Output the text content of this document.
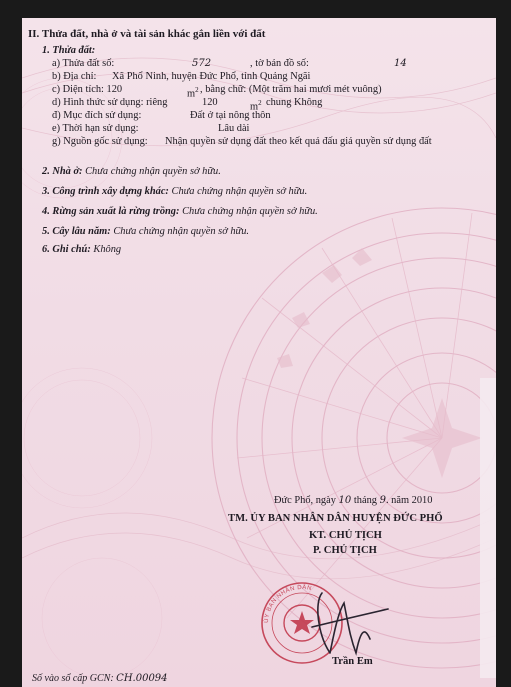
II. Thửa đất, nhà ở và tài sản khác gắn liền với đất
1. Thửa đất:
a) Thửa đất số:	572	, tờ bản đồ số:	14
b) Địa chỉ: Xã Phổ Ninh, huyện Đức Phổ, tỉnh Quảng Ngãi
c) Diện tích: 120	$m^2$ , bằng chữ: (Một trăm hai mươi mét vuông)
d) Hình thức sử dụng: riêng	120	$m^2$ chung Không
đ) Mục đích sử dụng:	Đất ở tại nông thôn
e) Thời hạn sử dụng:	Lâu dài
g) Nguồn gốc sử dụng: Nhận quyền sử dụng đất theo kết quả đấu giá quyền sử dụng đất
2. Nhà ở: Chưa chứng nhận quyền sở hữu.
3. Công trình xây dựng khác: Chưa chứng nhận quyền sở hữu.
4. Rừng sản xuất là rừng trồng: Chưa chứng nhận quyền sở hữu.
5. Cây lâu năm: Chưa chứng nhận quyền sở hữu.
6. Ghi chú: Không
Đức Phổ, ngày 10 tháng 9. năm 2010
TM. ỦY BAN NHÂN DÂN HUYỆN ĐỨC PHỔ
KT. CHỦ TỊCH
P. CHỦ TỊCH
ỦY BAN NHÂN DÂN
Trần Em
Số vào sổ cấp GCN: CH.00094
